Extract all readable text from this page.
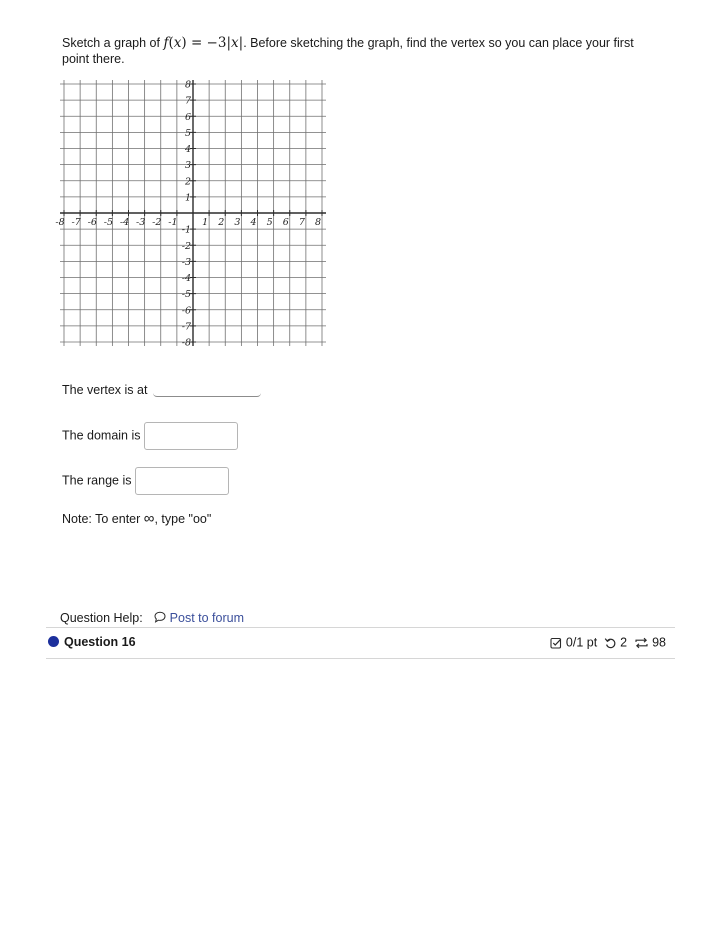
Sketch a graph of f(x) = −3|x|. Before sketching the graph, find the vertex so you can place your first point there.
-8 -7 -6 -5 -4 -3 -2 -1	1 2 3 4 5 6 7 8
8
7
6
5
4
3
2
1
-1
-2
-3
-4
-5
-6
-7
-8
The vertex is at
The domain is
The range is
Note: To enter ∞, type "oo"
Question Help: Post to forum
Question 16	0/1 pt 2 98
